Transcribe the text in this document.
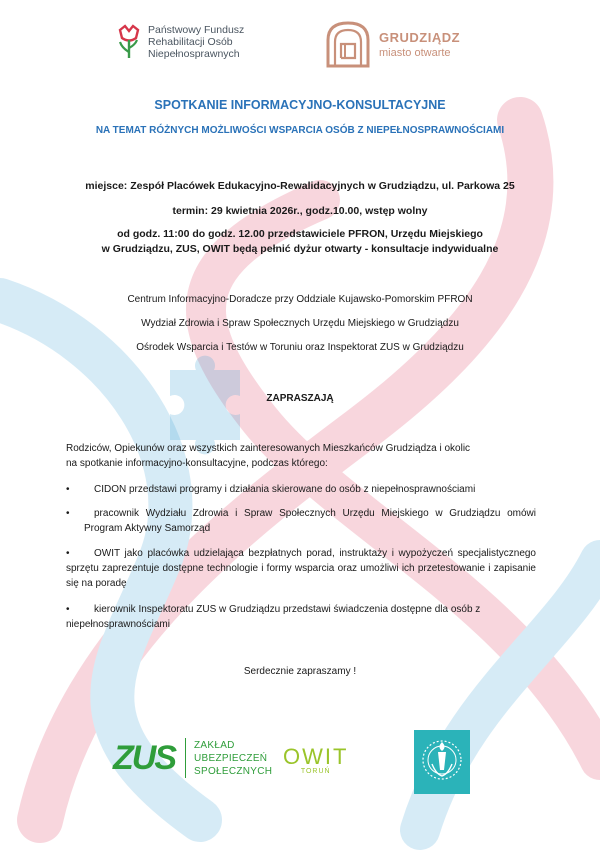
Państwowy Fundusz
Rehabilitacji Osób
Niepełnosprawnych
GRUDZIĄDZ
miasto otwarte
SPOTKANIE INFORMACYJNO-KONSULTACYJNE
NA TEMAT RÓŻNYCH MOŻLIWOŚCI WSPARCIA OSÓB Z NIEPEŁNOSPRAWNOŚCIAMI
miejsce: Zespół Placówek Edukacyjno-Rewalidacyjnych w Grudziądzu, ul. Parkowa 25
termin: 29 kwietnia 2026r., godz.10.00, wstęp wolny
od godz. 11:00 do godz. 12.00 przedstawiciele PFRON, Urzędu Miejskiego
w Grudziądzu, ZUS, OWIT będą pełnić dyżur otwarty - konsultacje indywidualne
Centrum Informacyjno-Doradcze przy Oddziale Kujawsko-Pomorskim PFRON
Wydział Zdrowia i Spraw Społecznych Urzędu Miejskiego w Grudziądzu
Ośrodek Wsparcia i Testów w Toruniu oraz Inspektorat ZUS w Grudziądzu
ZAPRASZAJĄ
Rodziców, Opiekunów oraz wszystkich zainteresowanych Mieszkańców Grudziądza i okolic
na spotkanie informacyjno-konsultacyjne, podczas którego:
• CIDON przedstawi programy i działania skierowane do osób z niepełnosprawnościami
•	pracownik Wydziału Zdrowia i Spraw Społecznych Urzędu Miejskiego w Grudziądzu omówi Program Aktywny Samorząd
•	OWIT jako placówka udzielająca bezpłatnych porad, instruktaży i wypożyczeń specjalistycznego sprzętu zaprezentuje dostępne technologie i formy wsparcia oraz umożliwi ich przetestowanie i zapisanie się na poradę
•	kierownik Inspektoratu ZUS w Grudziądzu przedstawi świadczenia dostępne dla osób z niepełnosprawnościami
Serdecznie zapraszamy !
ZUS ZAKŁAD
UBEZPIECZEŃ
SPOŁECZNYCH
OWIT
TORUŃ
